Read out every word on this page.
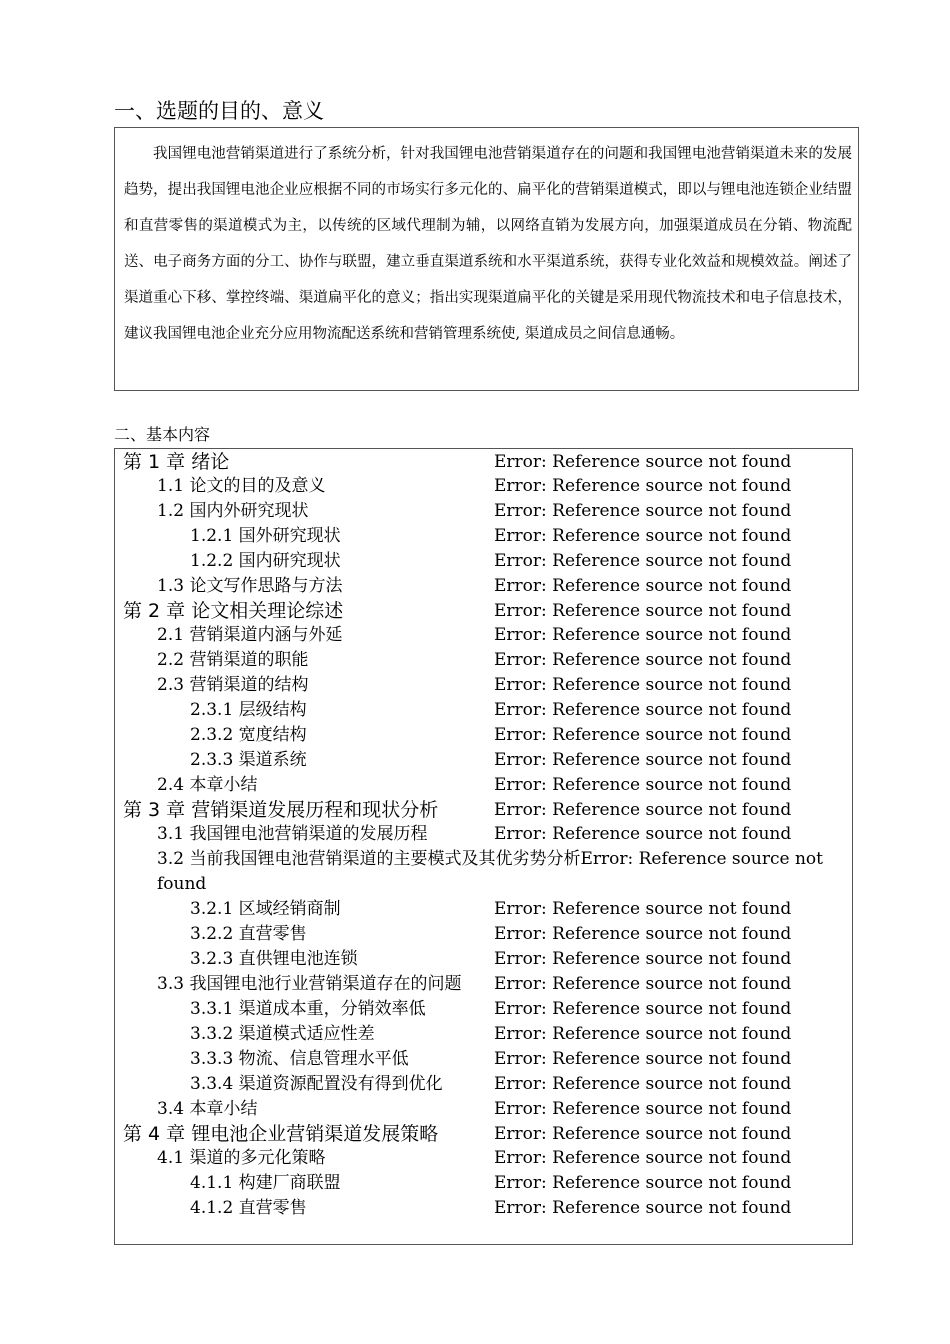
一、选题的目的、意义

我国锂电池营销渠道进行了系统分析，针对我国锂电池营销渠道存在的问题和我国锂电池营销渠道未来的发展趋势，提出我国锂电池企业应根据不同的市场实行多元化的、扁平化的营销渠道模式，即以与锂电池连锁企业结盟和直营零售的渠道模式为主，以传统的区域代理制为辅，以网络直销为发展方向，加强渠道成员在分销、物流配送、电子商务方面的分工、协作与联盟，建立垂直渠道系统和水平渠道系统，获得专业化效益和规模效益。阐述了渠道重心下移、掌控终端、渠道扁平化的意义；指出实现渠道扁平化的关键是采用现代物流技术和电子信息技术，建议我国锂电池企业充分应用物流配送系统和营销管理系统使, 渠道成员之间信息通畅。

二、基本内容
第 1 章 绪论	Error: Reference source not found
1.1 论文的目的及意义	Error: Reference source not found
1.2 国内外研究现状	Error: Reference source not found
1.2.1 国外研究现状	Error: Reference source not found
1.2.2 国内研究现状	Error: Reference source not found
1.3 论文写作思路与方法	Error: Reference source not found
第 2 章 论文相关理论综述	Error: Reference source not found
2.1 营销渠道内涵与外延	Error: Reference source not found
2.2 营销渠道的职能	Error: Reference source not found
2.3 营销渠道的结构	Error: Reference source not found
2.3.1 层级结构	Error: Reference source not found
2.3.2 宽度结构	Error: Reference source not found
2.3.3 渠道系统	Error: Reference source not found
2.4 本章小结	Error: Reference source not found
第 3 章 营销渠道发展历程和现状分析	Error: Reference source not found
3.1 我国锂电池营销渠道的发展历程	Error: Reference source not found
3.2 当前我国锂电池营销渠道的主要模式及其优劣势分析Error: Reference source not found
3.2.1 区域经销商制	Error: Reference source not found
3.2.2 直营零售	Error: Reference source not found
3.2.3 直供锂电池连锁	Error: Reference source not found
3.3 我国锂电池行业营销渠道存在的问题 Error: Reference source not found
3.3.1 渠道成本重，分销效率低	Error: Reference source not found
3.3.2 渠道模式适应性差	Error: Reference source not found
3.3.3 物流、信息管理水平低	Error: Reference source not found
3.3.4 渠道资源配置没有得到优化	Error: Reference source not found
3.4 本章小结	Error: Reference source not found
第 4 章 锂电池企业营销渠道发展策略	Error: Reference source not found
4.1 渠道的多元化策略	Error: Reference source not found
4.1.1 构建厂商联盟	Error: Reference source not found
4.1.2 直营零售	Error: Reference source not found
